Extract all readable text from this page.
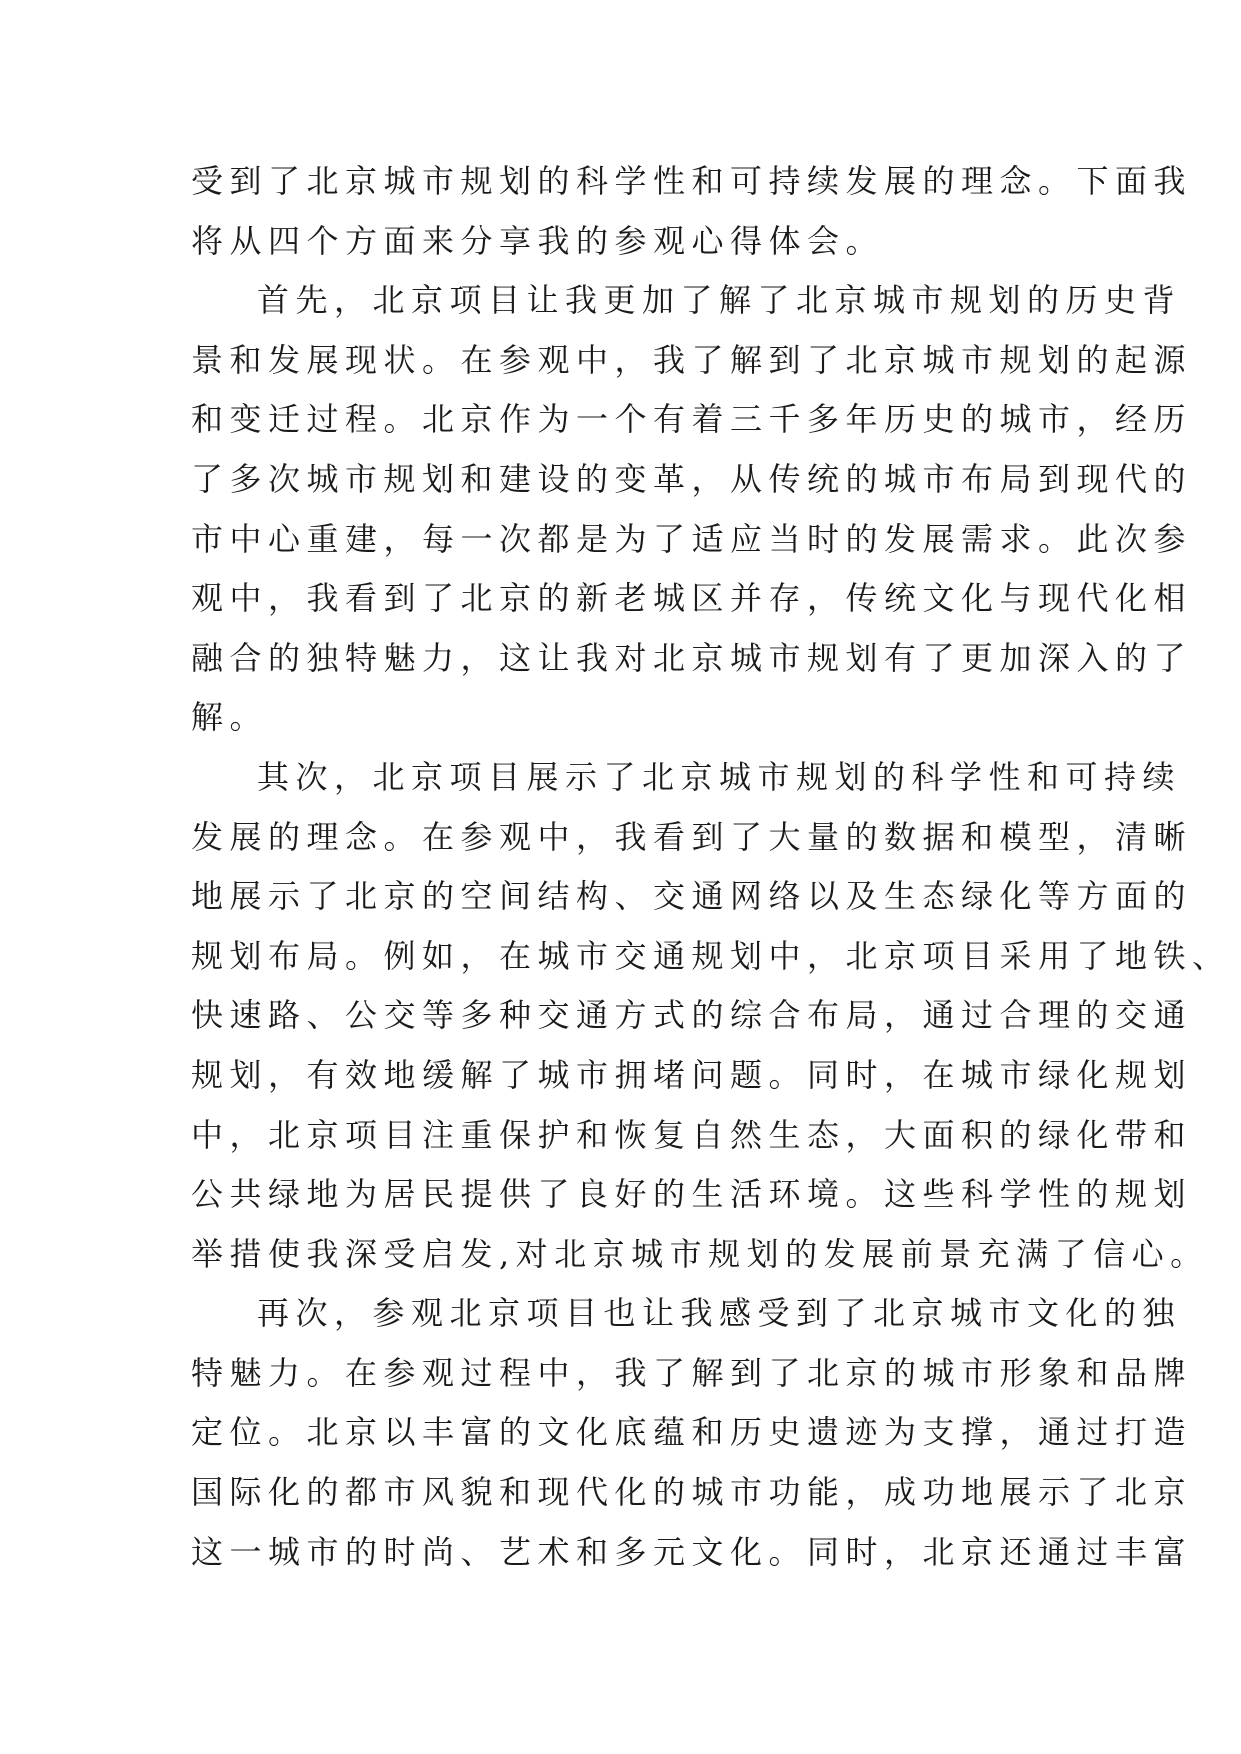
受到了北京城市规划的科学性和可持续发展的理念。下面我
将从四个方面来分享我的参观心得体会。
首先，北京项目让我更加了解了北京城市规划的历史背
景和发展现状。在参观中，我了解到了北京城市规划的起源
和变迁过程。北京作为一个有着三千多年历史的城市，经历
了多次城市规划和建设的变革，从传统的城市布局到现代的
市中心重建，每一次都是为了适应当时的发展需求。此次参
观中，我看到了北京的新老城区并存，传统文化与现代化相
融合的独特魅力，这让我对北京城市规划有了更加深入的了
解。
其次，北京项目展示了北京城市规划的科学性和可持续
发展的理念。在参观中，我看到了大量的数据和模型，清晰
地展示了北京的空间结构、交通网络以及生态绿化等方面的
规划布局。例如，在城市交通规划中，北京项目采用了地铁、
快速路、公交等多种交通方式的综合布局，通过合理的交通
规划，有效地缓解了城市拥堵问题。同时，在城市绿化规划
中，北京项目注重保护和恢复自然生态，大面积的绿化带和
公共绿地为居民提供了良好的生活环境。这些科学性的规划
举措使我深受启发,对北京城市规划的发展前景充满了信心。
再次，参观北京项目也让我感受到了北京城市文化的独
特魅力。在参观过程中，我了解到了北京的城市形象和品牌
定位。北京以丰富的文化底蕴和历史遗迹为支撑，通过打造
国际化的都市风貌和现代化的城市功能，成功地展示了北京
这一城市的时尚、艺术和多元文化。同时，北京还通过丰富
